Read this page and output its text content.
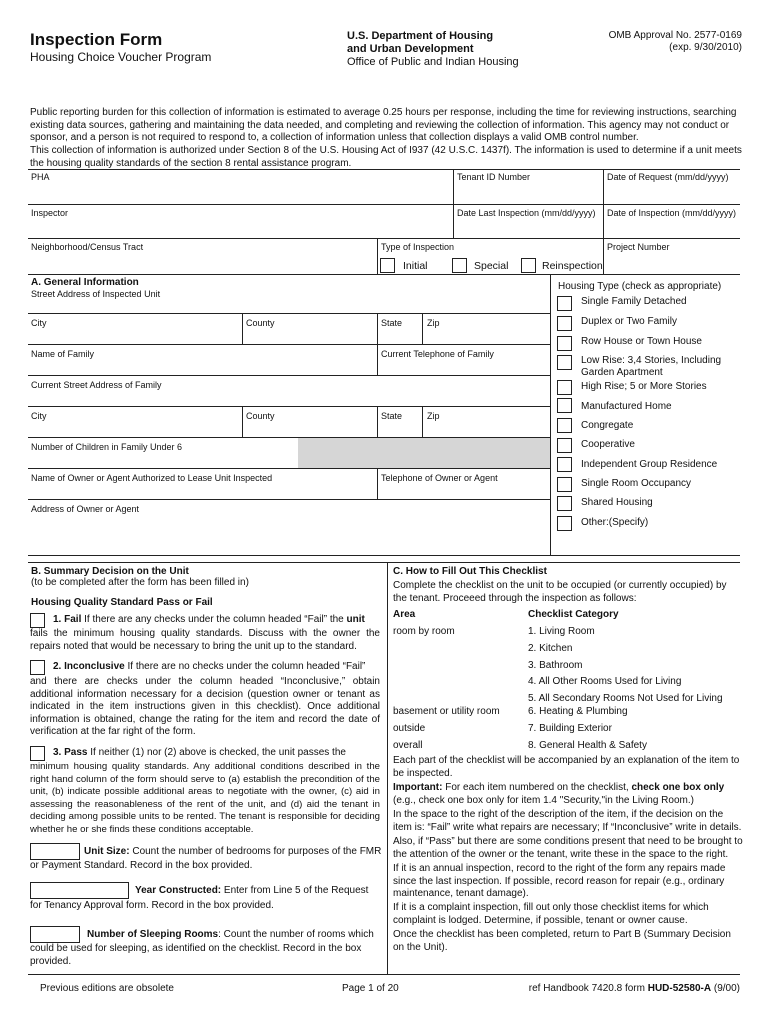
Inspection Form
Housing Choice Voucher Program
U.S. Department of Housing
and Urban Development
Office of Public and Indian Housing
OMB Approval No. 2577-0169
(exp. 9/30/2010)
Public reporting burden for this collection of information is estimated to average 0.25 hours per response, including the time for reviewing instructions, searching existing data sources, gathering and maintaining the data needed, and completing and reviewing the collection of information. This agency may not conduct or sponsor, and a person is not required to respond to, a collection of information unless that collection displays a valid OMB control number.
This collection of information is authorized under Section 8 of the U.S. Housing Act of I937 (42 U.S.C. 1437f). The information is used to determine if a unit meets the housing quality standards of the section 8 rental assistance program.
PHA	Tenant ID Number	Date of Request (mm/dd/yyyy)
Inspector	Date Last Inspection (mm/dd/yyyy) Date of Inspection (mm/dd/yyyy)
Neighborhood/Census Tract	Type of Inspection	Project Number
Initial	Special	Reinspection
A. General Information
Street Address of Inspected Unit
City	County	State	Zip
Name of Family	Current Telephone of Family
Current Street Address of Family
City	County	State	Zip
Number of Children in Family Under 6
Name of Owner or Agent Authorized to Lease Unit Inspected	Telephone of Owner or Agent
Address of Owner or Agent
Housing Type (check as appropriate)
Single Family Detached
Duplex or Two Family
Row House or Town House
Low Rise: 3,4 Stories, Including
Garden Apartment
High Rise; 5 or More Stories
Manufactured Home
Congregate
Cooperative
Independent Group Residence
Single Room Occupancy
Shared Housing
Other:(Specify)
B. Summary Decision on the Unit
(to be completed after the form has been filled in)
Housing Quality Standard Pass or Fail
1. Fail If there are any checks under the column headed “Fail” the unit
fails the minimum housing quality standards. Discuss with the owner the repairs noted that would be necessary to bring the unit up to the standard.
2. Inconclusive If there are no checks under the column headed “Fail”
and there are checks under the column headed “Inconclusive,” obtain additional information necessary for a decision (question owner or tenant as indicated in the item instructions given in this checklist). Once additional information is obtained, change the rating for the item and record the date of verification at the far right of the form.
3. Pass If neither (1) nor (2) above is checked, the unit passes the
minimum housing quality standards. Any additional conditions described in the right hand column of the form should serve to (a) establish the precondition of the unit, (b) indicate possible additional areas to negotiate with the owner, (c) aid in assessing the reasonableness of the rent of the unit, and (d) aid the tenant in deciding among possible units to be rented. The tenant is responsible for deciding whether he or she finds these conditions acceptable.
Unit Size: Count the number of bedrooms for purposes of the FMR
or Payment Standard. Record in the box provided.
Year Constructed: Enter from Line 5 of the Request
for Tenancy Approval form. Record in the box provided.
Number of Sleeping Rooms: Count the number of rooms which
could be used for sleeping, as identified on the checklist. Record in the box provided.
C. How to Fill Out This Checklist
Complete the checklist on the unit to be occupied (or currently occupied) by the tenant. Proceeed through the inspection as follows:
Area	Checklist Category
room by room	1. Living Room
2. Kitchen
3. Bathroom
4. All Other Rooms Used for Living
5. All Secondary Rooms Not Used for Living
basement or utility room	6. Heating & Plumbing
outside	7. Building Exterior
overall	8. General Health & Safety
Each part of the checklist will be accompanied by an explanation of the item to be inspected.
Important: For each item numbered on the checklist, check one box only (e.g., check one box only for item 1.4 "Security,"in the Living Room.)
In the space to the right of the description of the item, if the decision on the item is: “Fail” write what repairs are necessary; If “Inconclusive” write in details.
Also, if “Pass” but there are some conditions present that need to be brought to the attention of the owner or the tenant, write these in the space to the right.
If it is an annual inspection, record to the right of the form any repairs made since the last inspection. If possible, record reason for repair (e.g., ordinary maintenance, tenant damage).
If it is a complaint inspection, fill out only those checklist items for which complaint is lodged. Determine, if possible, tenant or owner cause.
Once the checklist has been completed, return to Part B (Summary Decision on the Unit).
Previous editions are obsolete	Page 1 of 20	ref Handbook 7420.8 form HUD-52580-A (9/00)
